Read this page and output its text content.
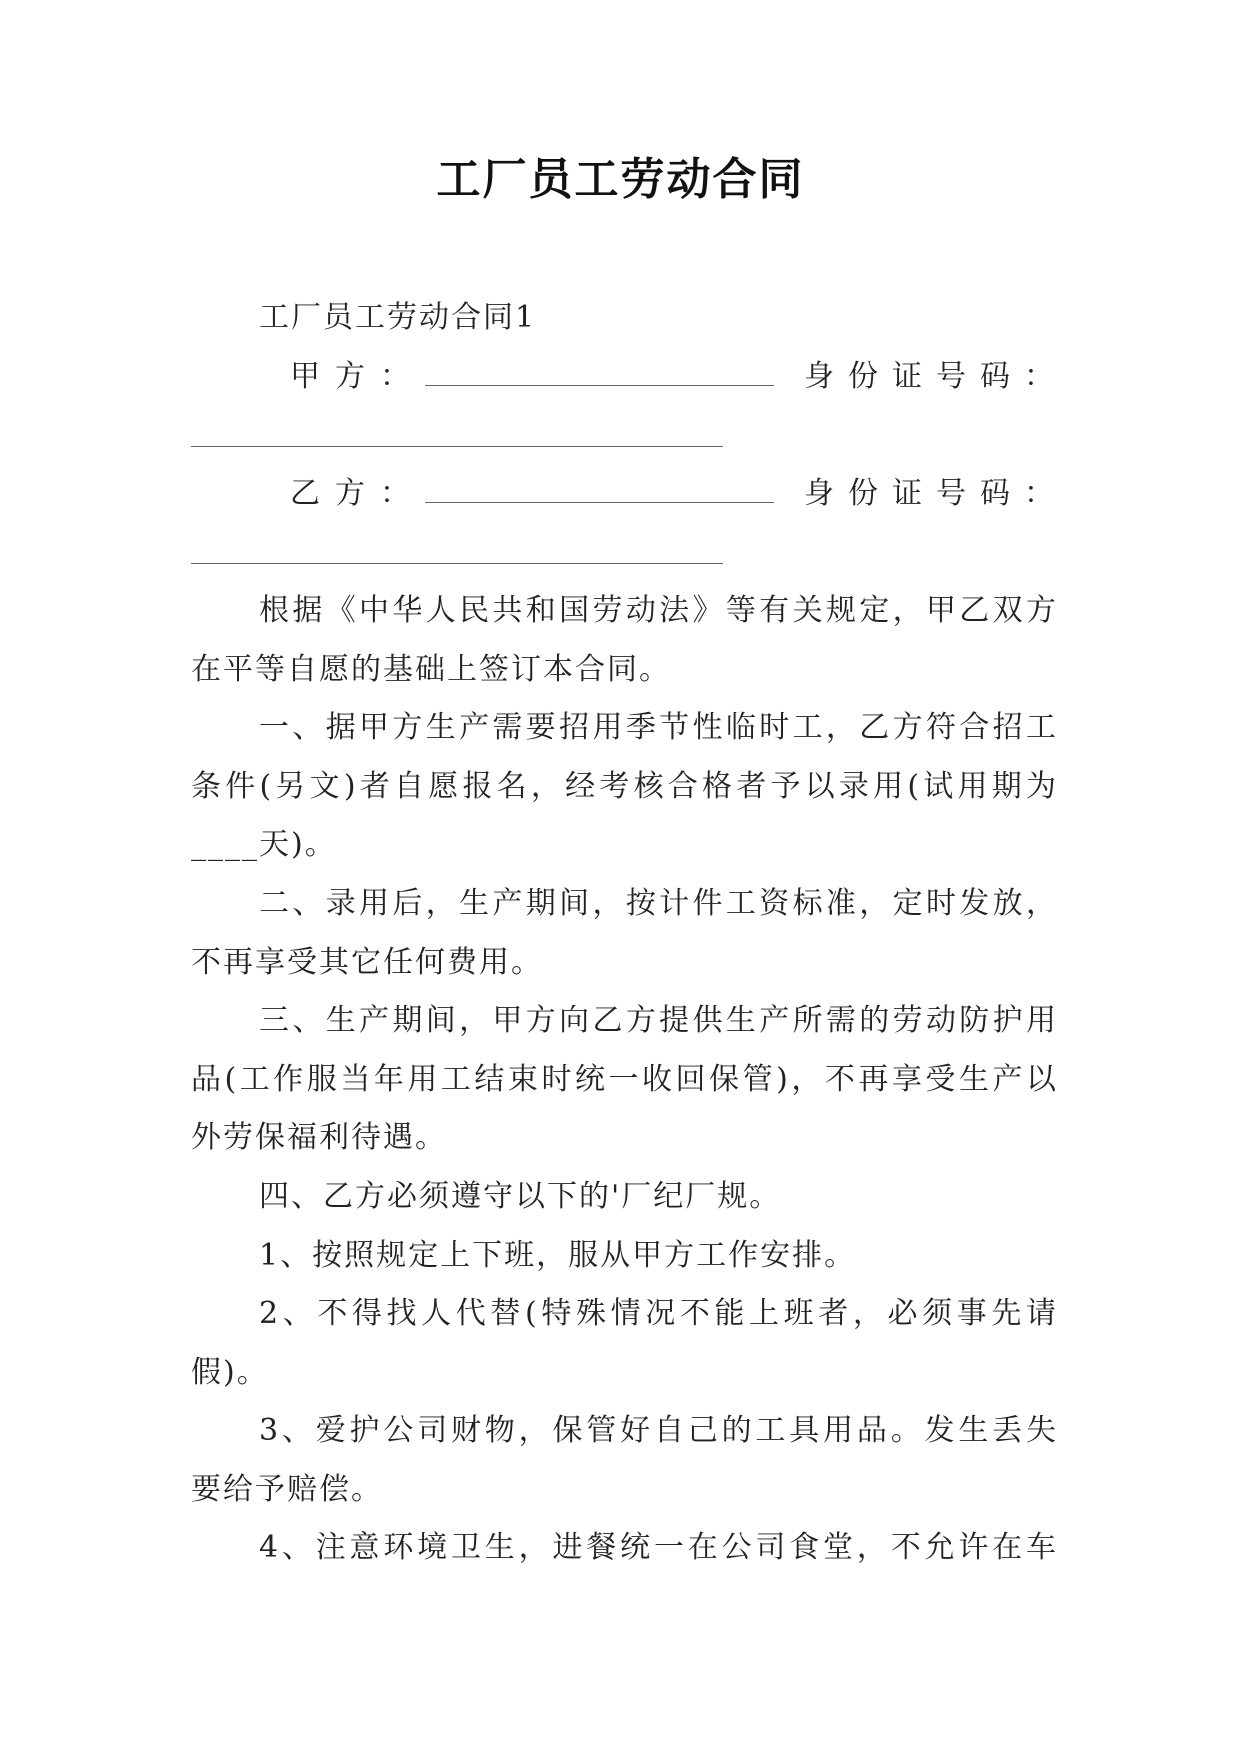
工厂员工劳动合同
工厂员工劳动合同1
甲方：	身份证号码：
乙方：	身份证号码：
根据《中华人民共和国劳动法》等有关规定，甲乙双方
在平等自愿的基础上签订本合同。
一、据甲方生产需要招用季节性临时工，乙方符合招工
条件(另文)者自愿报名，经考核合格者予以录用(试用期为
____天)。
二、录用后，生产期间，按计件工资标准，定时发放，
不再享受其它任何费用。
三、生产期间，甲方向乙方提供生产所需的劳动防护用
品(工作服当年用工结束时统一收回保管)，不再享受生产以
外劳保福利待遇。
四、乙方必须遵守以下的'厂纪厂规。
1、按照规定上下班，服从甲方工作安排。
2、不得找人代替(特殊情况不能上班者，必须事先请
假)。
3、爱护公司财物，保管好自己的工具用品。发生丢失
要给予赔偿。
4、注意环境卫生，进餐统一在公司食堂，不允许在车
